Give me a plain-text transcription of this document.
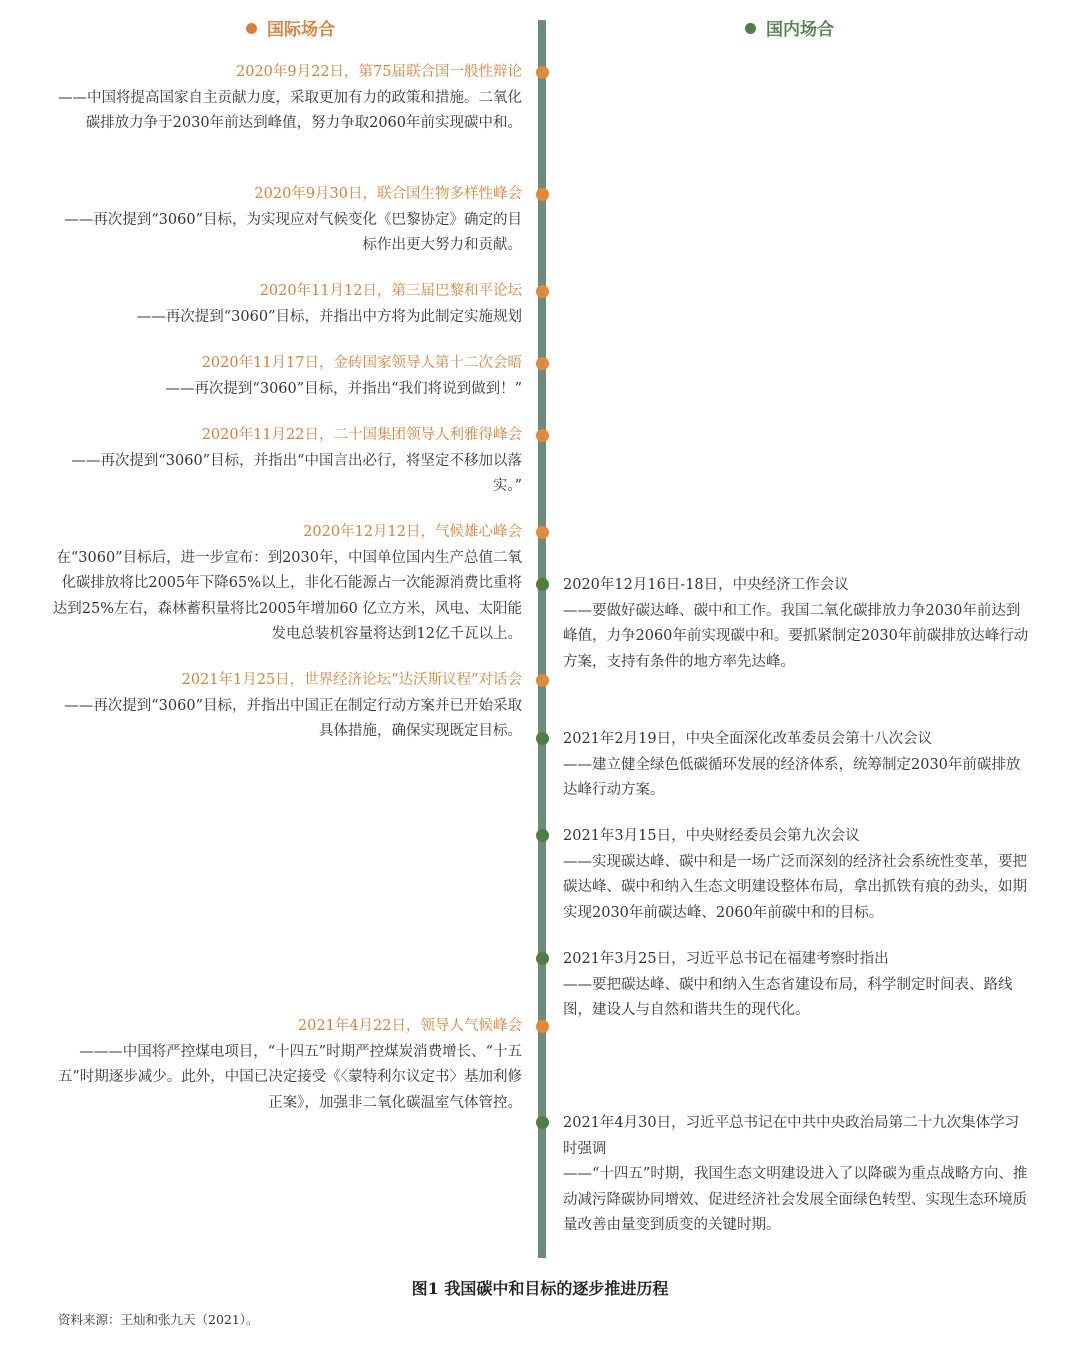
国际场合	国内场合

2020年9月22日，第75届联合国一般性辩论

——中国将提高国家自主贡献力度，采取更加有力的政策和措施。二氧化碳排放力争于2030年前达到峰值，努力争取2060年前实现碳中和。

2020年9月30日，联合国生物多样性峰会

——再次提到“3060”目标，为实现应对气候变化《巴黎协定》确定的目标作出更大努力和贡献。

2020年11月12日，第三届巴黎和平论坛

——再次提到“3060”目标，并指出中方将为此制定实施规划

2020年11月17日，金砖国家领导人第十二次会晤

——再次提到“3060”目标，并指出“我们将说到做到！”

2020年11月22日，二十国集团领导人利雅得峰会

——再次提到“3060”目标，并指出“中国言出必行，将坚定不移加以落实。”

2020年12月12日，气候雄心峰会

在“3060”目标后，进一步宣布：到2030年，中国单位国内生产总值二氧化碳排放将比2005年下降65%以上，非化石能源占一次能源消费比重将达到25%左右，森林蓄积量将比2005年增加60 亿立方米，风电、太阳能发电总装机容量将达到12亿千瓦以上。

2021年1月25日，世界经济论坛“达沃斯议程”对话会

——再次提到“3060”目标，并指出中国正在制定行动方案并已开始采取具体措施，确保实现既定目标。

2021年4月22日，领导人气候峰会

———中国将严控煤电项目，“十四五”时期严控煤炭消费增长、“十五五”时期逐步减少。此外，中国已决定接受《〈蒙特利尔议定书〉基加利修正案》，加强非二氧化碳温室气体管控。

2020年12月16日-18日，中央经济工作会议

——要做好碳达峰、碳中和工作。我国二氧化碳排放力争2030年前达到峰值，力争2060年前实现碳中和。要抓紧制定2030年前碳排放达峰行动方案，支持有条件的地方率先达峰。

2021年2月19日，中央全面深化改革委员会第十八次会议

——建立健全绿色低碳循环发展的经济体系，统筹制定2030年前碳排放达峰行动方案。

2021年3月15日，中央财经委员会第九次会议

——实现碳达峰、碳中和是一场广泛而深刻的经济社会系统性变革，要把碳达峰、碳中和纳入生态文明建设整体布局，拿出抓铁有痕的劲头，如期实现2030年前碳达峰、2060年前碳中和的目标。

2021年3月25日，习近平总书记在福建考察时指出

——要把碳达峰、碳中和纳入生态省建设布局，科学制定时间表、路线图，建设人与自然和谐共生的现代化。

2021年4月30日，习近平总书记在中共中央政治局第二十九次集体学习时强调

——“十四五”时期，我国生态文明建设进入了以降碳为重点战略方向、推动减污降碳协同增效、促进经济社会发展全面绿色转型、实现生态环境质量改善由量变到质变的关键时期。

图1 我国碳中和目标的逐步推进历程
资料来源：王灿和张九天（2021）。
